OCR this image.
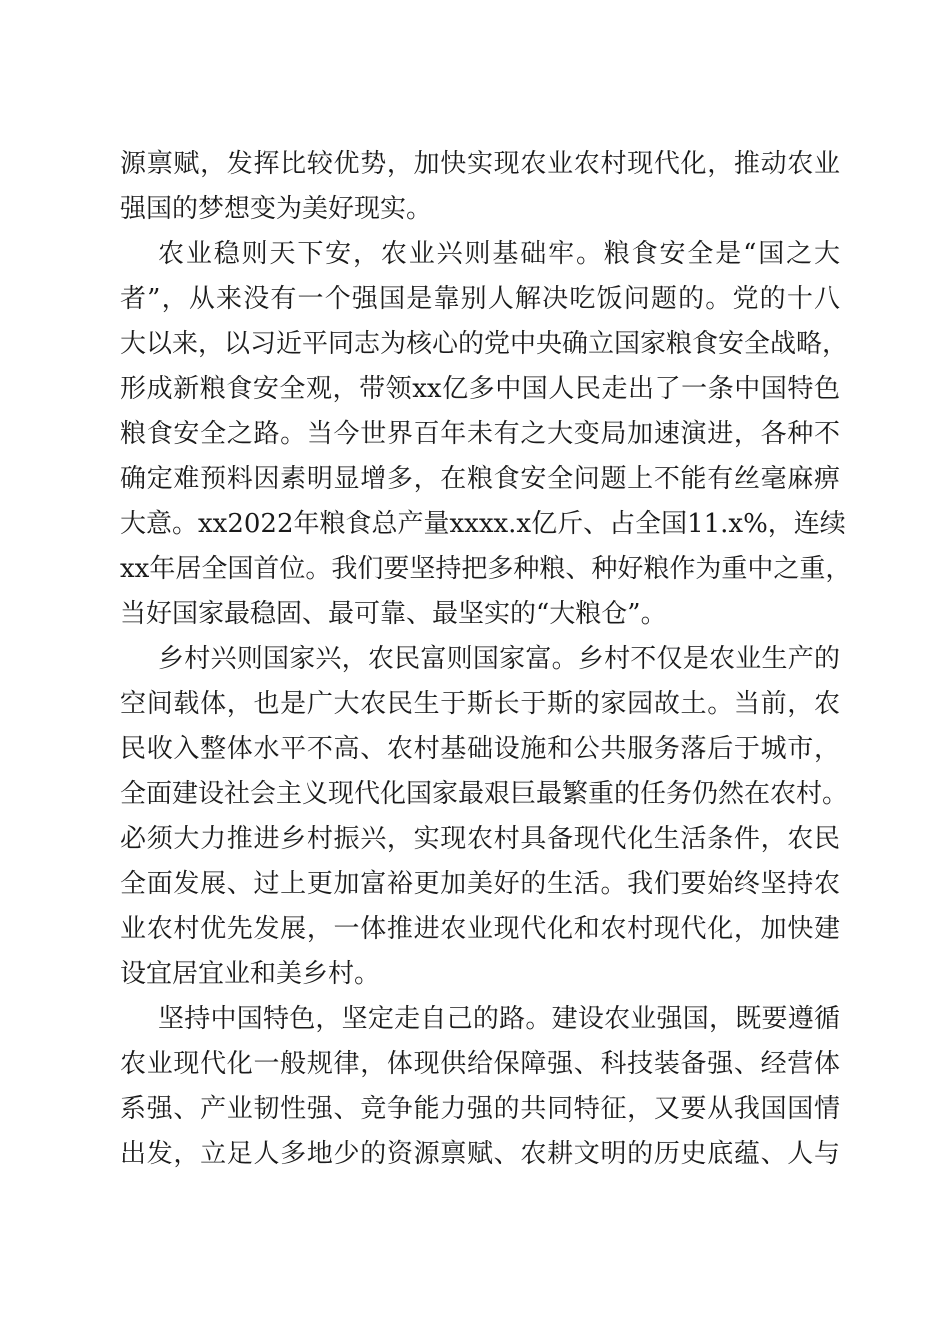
源禀赋，发挥比较优势，加快实现农业农村现代化，推动农业
强国的梦想变为美好现实。
农业稳则天下安，农业兴则基础牢。粮食安全是“国之大
者”，从来没有一个强国是靠别人解决吃饭问题的。党的十八
大以来，以习近平同志为核心的党中央确立国家粮食安全战略，
形成新粮食安全观，带领xx亿多中国人民走出了一条中国特色
粮食安全之路。当今世界百年未有之大变局加速演进，各种不
确定难预料因素明显增多，在粮食安全问题上不能有丝毫麻痹
大意。xx2022年粮食总产量xxxx.x亿斤、占全国11.x%，连续
xx年居全国首位。我们要坚持把多种粮、种好粮作为重中之重，
当好国家最稳固、最可靠、最坚实的“大粮仓”。
乡村兴则国家兴，农民富则国家富。乡村不仅是农业生产的
空间载体，也是广大农民生于斯长于斯的家园故土。当前，农
民收入整体水平不高、农村基础设施和公共服务落后于城市，
全面建设社会主义现代化国家最艰巨最繁重的任务仍然在农村。
必须大力推进乡村振兴，实现农村具备现代化生活条件，农民
全面发展、过上更加富裕更加美好的生活。我们要始终坚持农
业农村优先发展，一体推进农业现代化和农村现代化，加快建
设宜居宜业和美乡村。
坚持中国特色，坚定走自己的路。建设农业强国，既要遵循
农业现代化一般规律，体现供给保障强、科技装备强、经营体
系强、产业韧性强、竞争能力强的共同特征，又要从我国国情
出发，立足人多地少的资源禀赋、农耕文明的历史底蕴、人与
